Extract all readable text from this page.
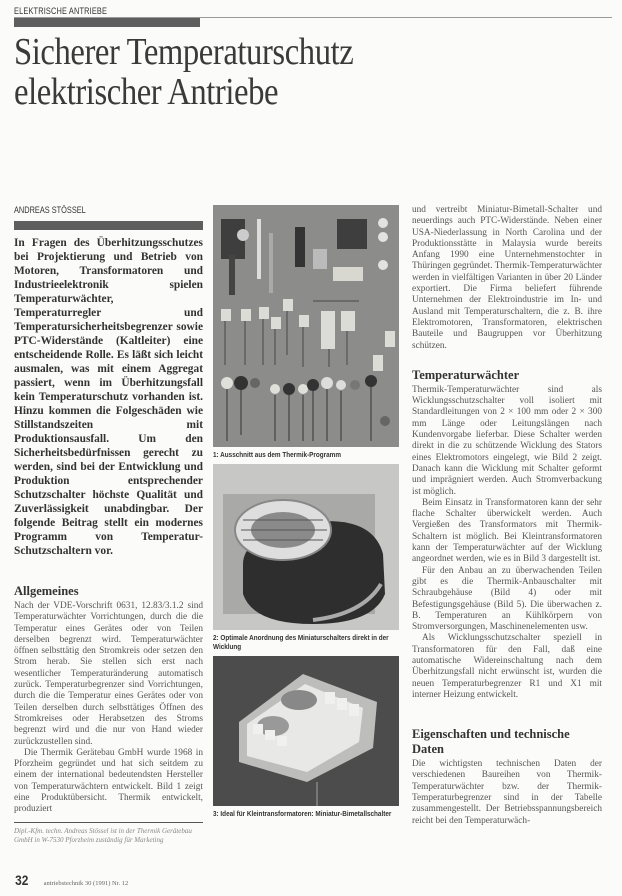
ELEKTRISCHE ANTRIEBE
Sicherer Temperaturschutz
elektrischer Antriebe
ANDREAS STÖSSEL

In Fragen des Überhitzungsschutzes bei Projektierung und Betrieb von Motoren, Transformatoren und Industrieelektronik spielen Temperaturwächter, Temperaturregler und Temperatursicherheitsbegrenzer sowie PTC-Widerstände (Kaltleiter) eine entscheidende Rolle. Es läßt sich leicht ausmalen, was mit einem Aggregat passiert, wenn im Überhitzungsfall kein Temperaturschutz vorhanden ist. Hinzu kommen die Folgeschäden wie Stillstandszeiten mit Produktionsausfall. Um den Sicherheitsbedürfnissen gerecht zu werden, sind bei der Entwicklung und Produktion entsprechender Schutzschalter höchste Qualität und Zuverlässigkeit unabdingbar. Der folgende Beitrag stellt ein modernes Programm von Temperatur-Schutzschaltern vor.

Allgemeines

Nach der VDE-Vorschrift 0631, 12.83/3.1.2 sind Temperaturwächter Vorrichtungen, durch die die Temperatur eines Gerätes oder von Teilen derselben begrenzt wird. Temperaturwächter öffnen selbsttätig den Stromkreis oder setzen den Strom herab. Sie stellen sich erst nach wesentlicher Temperaturänderung automatisch zurück. Temperaturbegrenzer sind Vorrichtungen, durch die die Temperatur eines Gerätes oder von Teilen derselben durch selbsttätiges Öffnen des Stromkreises oder Herabsetzen des Stroms begrenzt wird und die nur von Hand wieder zurückzustellen sind.

Die Thermik Gerätebau GmbH wurde 1968 in Pforzheim gegründet und hat sich seitdem zu einem der international bedeutendsten Hersteller von Temperaturwächtern entwickelt. Bild 1 zeigt eine Produktübersicht. Thermik entwickelt, produziert

Dipl.-Kfm. techn. Andreas Stössel ist in der Thermik Gerätebau GmbH in W-7530 Pforzheim zuständig für Marketing
32 antriebstechnik 30 (1991) Nr. 12
1: Ausschnitt aus dem Thermik-Programm
2: Optimale Anordnung des Miniaturschalters direkt in der Wicklung
3: Ideal für Kleintransformatoren: Miniatur-Bimetallschalter

und vertreibt Miniatur-Bimetall-Schalter und neuerdings auch PTC-Widerstände. Neben einer USA-Niederlassung in North Carolina und der Produktionsstätte in Malaysia wurde bereits Anfang 1990 eine Unternehmenstochter in Thüringen gegründet. Thermik-Temperaturwächter werden in vielfältigen Varianten in über 20 Länder exportiert. Die Firma beliefert führende Unternehmen der Elektroindustrie im In- und Ausland mit Temperaturschaltern, die z. B. ihre Elektromotoren, Transformatoren, elektrischen Bauteile und Baugruppen vor Überhitzung schützen.

Temperaturwächter

Thermik-Temperaturwächter sind als Wicklungsschutzschalter voll isoliert mit Standardleitungen von 2 × 100 mm oder 2 × 300 mm Länge oder Leitungslängen nach Kundenvorgabe lieferbar. Diese Schalter werden direkt in die zu schützende Wicklung des Stators eines Elektromotors eingelegt, wie Bild 2 zeigt. Danach kann die Wicklung mit Schalter geformt und imprägniert werden. Auch Stromverbackung ist möglich.

Beim Einsatz in Transformatoren kann der sehr flache Schalter überwickelt werden. Auch Vergießen des Transformators mit Thermik-Schaltern ist möglich. Bei Kleintransformatoren kann der Temperaturwächter auf der Wicklung angeordnet werden, wie es in Bild 3 dargestellt ist.

Für den Anbau an zu überwachenden Teilen gibt es die Thermik-Anbauschalter mit Schraubgehäuse (Bild 4) oder mit Befestigungsgehäuse (Bild 5). Die überwachen z. B. Temperaturen an Kühlkörpern von Stromversorgungen, Maschinenelementen usw.

Als Wicklungsschutzschalter speziell in Transformatoren für den Fall, daß eine automatische Widereinschaltung nach dem Überhitzungsfall nicht erwünscht ist, wurden die neuen Temperaturbegrenzer R1 und X1 mit interner Heizung entwickelt.

Eigenschaften und technische Daten

Die wichtigsten technischen Daten der verschiedenen Baureihen von Thermik-Temperaturwächter bzw. der Thermik-Temperaturbegrenzer sind in der Tabelle zusammengestellt. Der Betriebsspannungsbereich reicht bei den Temperaturwäch-
